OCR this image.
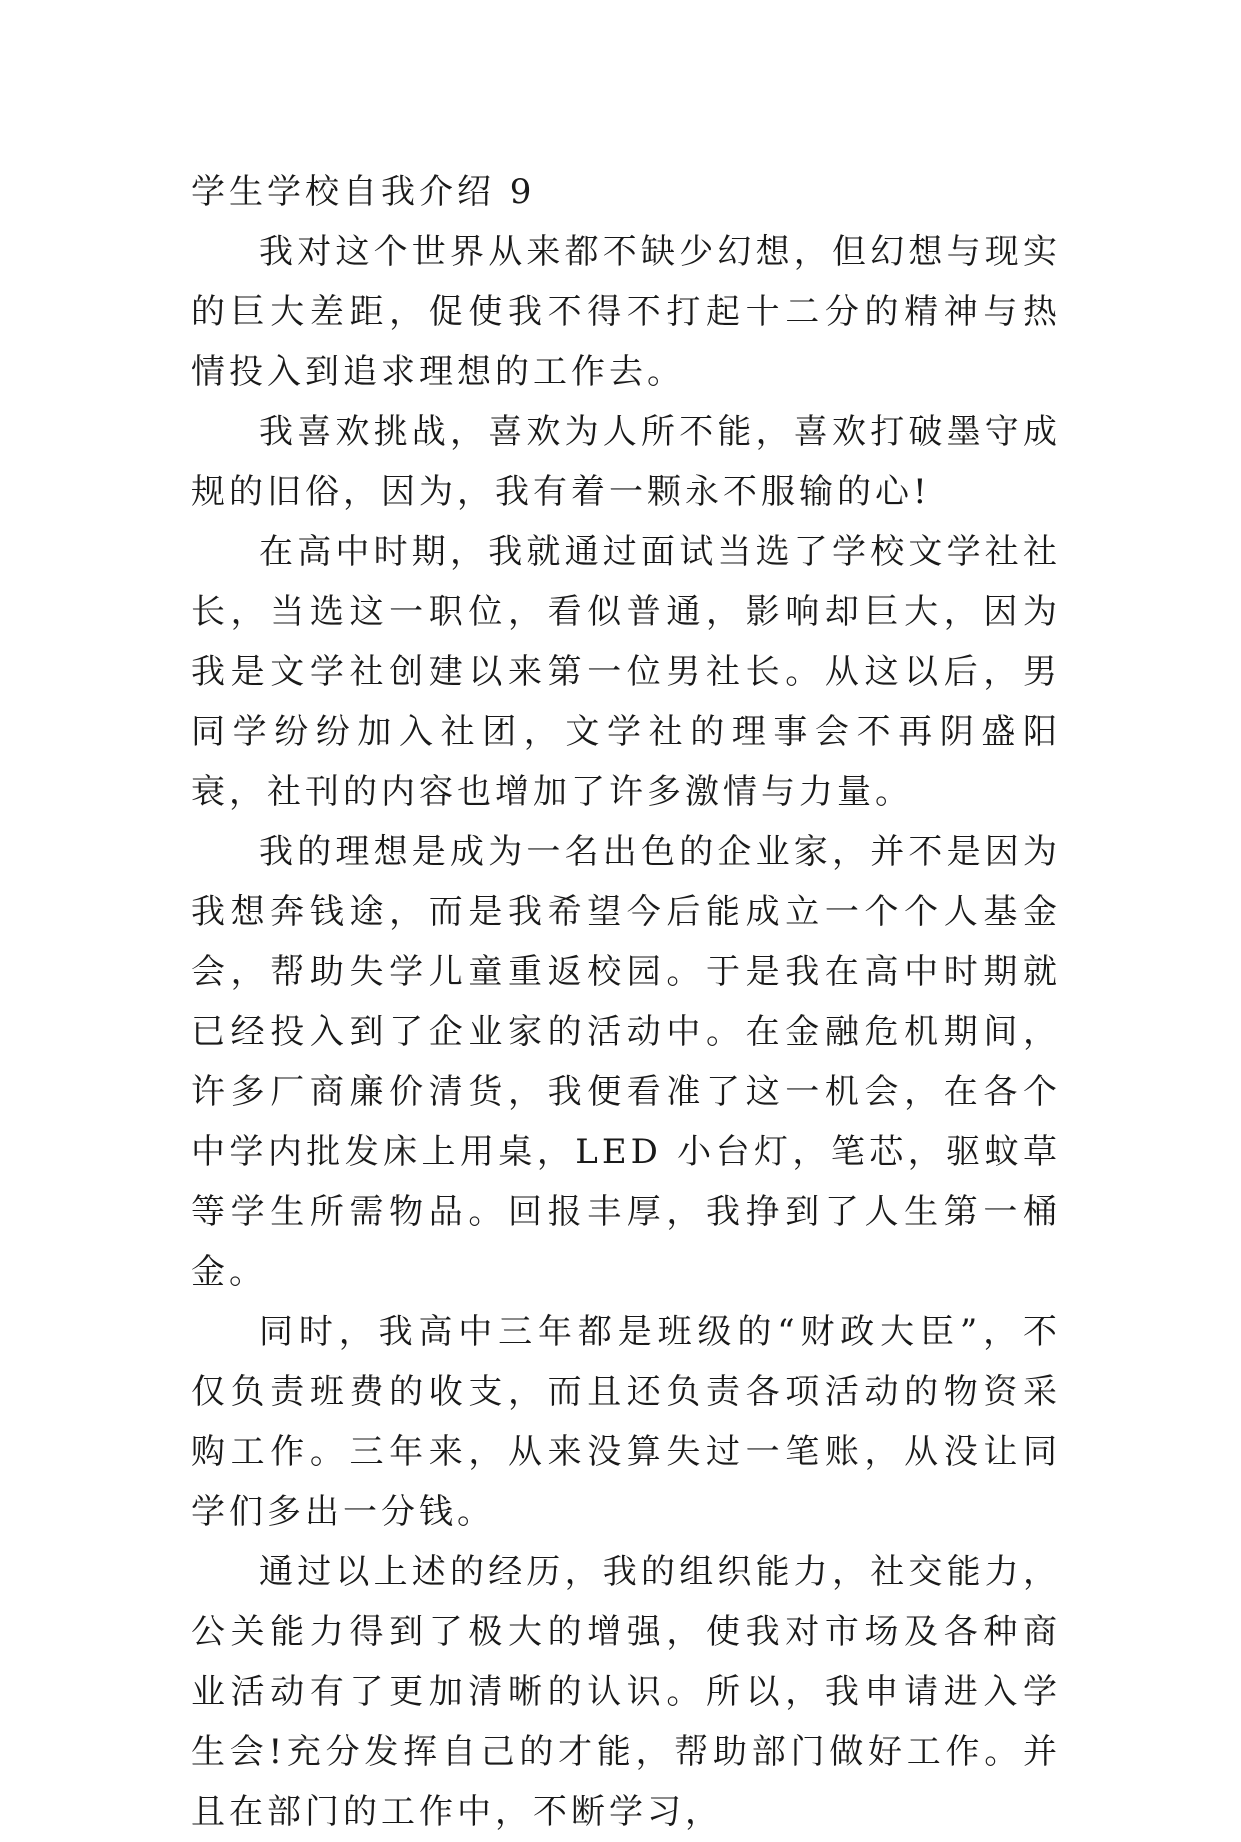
学生学校自我介绍 9

我对这个世界从来都不缺少幻想，但幻想与现实的巨大差距，促使我不得不打起十二分的精神与热情投入到追求理想的工作去。

我喜欢挑战，喜欢为人所不能，喜欢打破墨守成规的旧俗，因为，我有着一颗永不服输的心!

在高中时期，我就通过面试当选了学校文学社社长，当选这一职位，看似普通，影响却巨大，因为我是文学社创建以来第一位男社长。从这以后，男同学纷纷加入社团，文学社的理事会不再阴盛阳衰，社刊的内容也增加了许多激情与力量。

我的理想是成为一名出色的企业家，并不是因为我想奔钱途，而是我希望今后能成立一个个人基金会，帮助失学儿童重返校园。于是我在高中时期就已经投入到了企业家的活动中。在金融危机期间，许多厂商廉价清货，我便看准了这一机会，在各个中学内批发床上用桌，LED 小台灯，笔芯，驱蚊草等学生所需物品。回报丰厚，我挣到了人生第一桶金。

同时，我高中三年都是班级的“财政大臣”，不仅负责班费的收支，而且还负责各项活动的物资采购工作。三年来，从来没算失过一笔账，从没让同学们多出一分钱。

通过以上述的经历，我的组织能力，社交能力，公关能力得到了极大的增强，使我对市场及各种商业活动有了更加清晰的认识。所以，我申请进入学生会!充分发挥自己的才能，帮助部门做好工作。并且在部门的工作中，不断学习，
